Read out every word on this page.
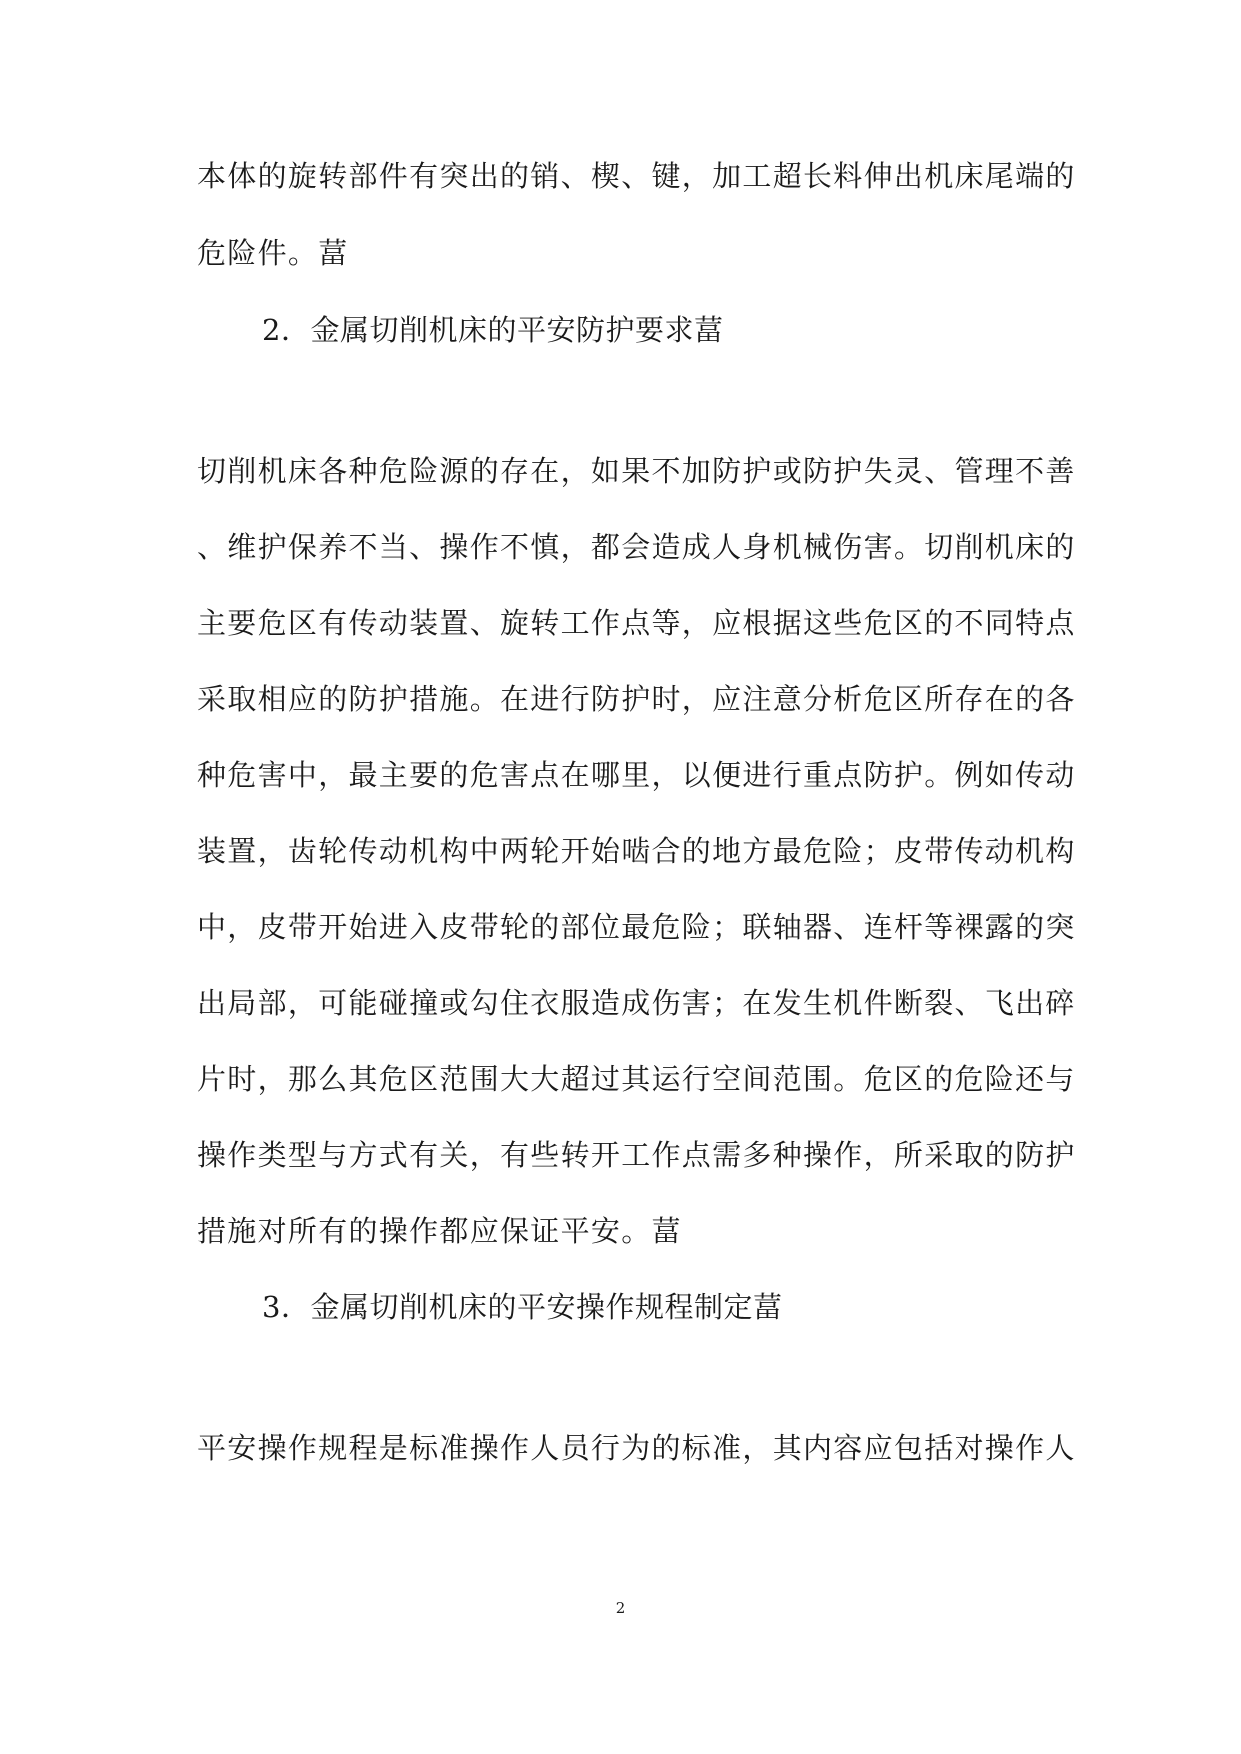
本体的旋转部件有突出的销、楔、键，加工超长料伸出机床尾端的
危险件。葍
2．金属切削机床的平安防护要求葍
切削机床各种危险源的存在，如果不加防护或防护失灵、管理不善
、维护保养不当、操作不慎，都会造成人身机械伤害。切削机床的
主要危区有传动装置、旋转工作点等，应根据这些危区的不同特点
采取相应的防护措施。在进行防护时，应注意分析危区所存在的各
种危害中，最主要的危害点在哪里，以便进行重点防护。例如传动
装置，齿轮传动机构中两轮开始啮合的地方最危险；皮带传动机构
中，皮带开始进入皮带轮的部位最危险；联轴器、连杆等裸露的突
出局部，可能碰撞或勾住衣服造成伤害；在发生机件断裂、飞出碎
片时，那么其危区范围大大超过其运行空间范围。危区的危险还与
操作类型与方式有关，有些转开工作点需多种操作，所采取的防护
措施对所有的操作都应保证平安。葍
3．金属切削机床的平安操作规程制定葍
平安操作规程是标准操作人员行为的标准，其内容应包括对操作人
2
